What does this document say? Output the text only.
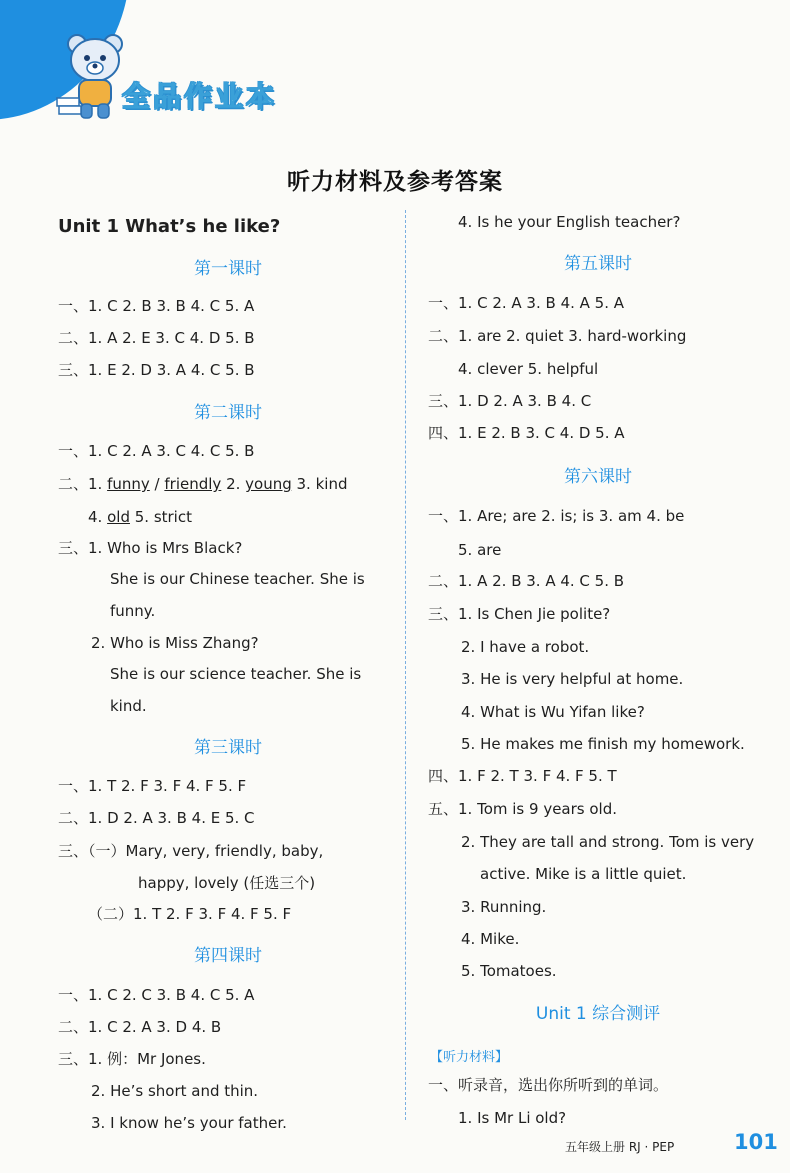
全品作业本
听力材料及参考答案
Unit 1 What’s he like?
第一课时
一、1. C 2. B 3. B 4. C 5. A
二、1. A 2. E 3. C 4. D 5. B
三、1. E 2. D 3. A 4. C 5. B
第二课时
一、1. C 2. A 3. C 4. C 5. B
二、1. funny / friendly 2. young 3. kind
4. old 5. strict
三、1. Who is Mrs Black?
She is our Chinese teacher. She is
funny.
2. Who is Miss Zhang?
She is our science teacher. She is
kind.
第三课时
一、1. T 2. F 3. F 4. F 5. F
二、1. D 2. A 3. B 4. E 5. C
三、（一）Mary, very, friendly, baby,
happy, lovely (任选三个)
（二）1. T 2. F 3. F 4. F 5. F
第四课时
一、1. C 2. C 3. B 4. C 5. A
二、1. C 2. A 3. D 4. B
三、1. 例：Mr Jones.
2. He’s short and thin.
3. I know he’s your father.
4. Is he your English teacher?
第五课时
一、1. C 2. A 3. B 4. A 5. A
二、1. are 2. quiet 3. hard-working
4. clever 5. helpful
三、1. D 2. A 3. B 4. C
四、1. E 2. B 3. C 4. D 5. A
第六课时
一、1. Are; are 2. is; is 3. am 4. be
5. are
二、1. A 2. B 3. A 4. C 5. B
三、1. Is Chen Jie polite?
2. I have a robot.
3. He is very helpful at home.
4. What is Wu Yifan like?
5. He makes me finish my homework.
四、1. F 2. T 3. F 4. F 5. T
五、1. Tom is 9 years old.
2. They are tall and strong. Tom is very
active. Mike is a little quiet.
3. Running.
4. Mike.
5. Tomatoes.
Unit 1 综合测评
【听力材料】
一、听录音，选出你所听到的单词。
1. Is Mr Li old?
五年级上册 RJ · PEP	101
